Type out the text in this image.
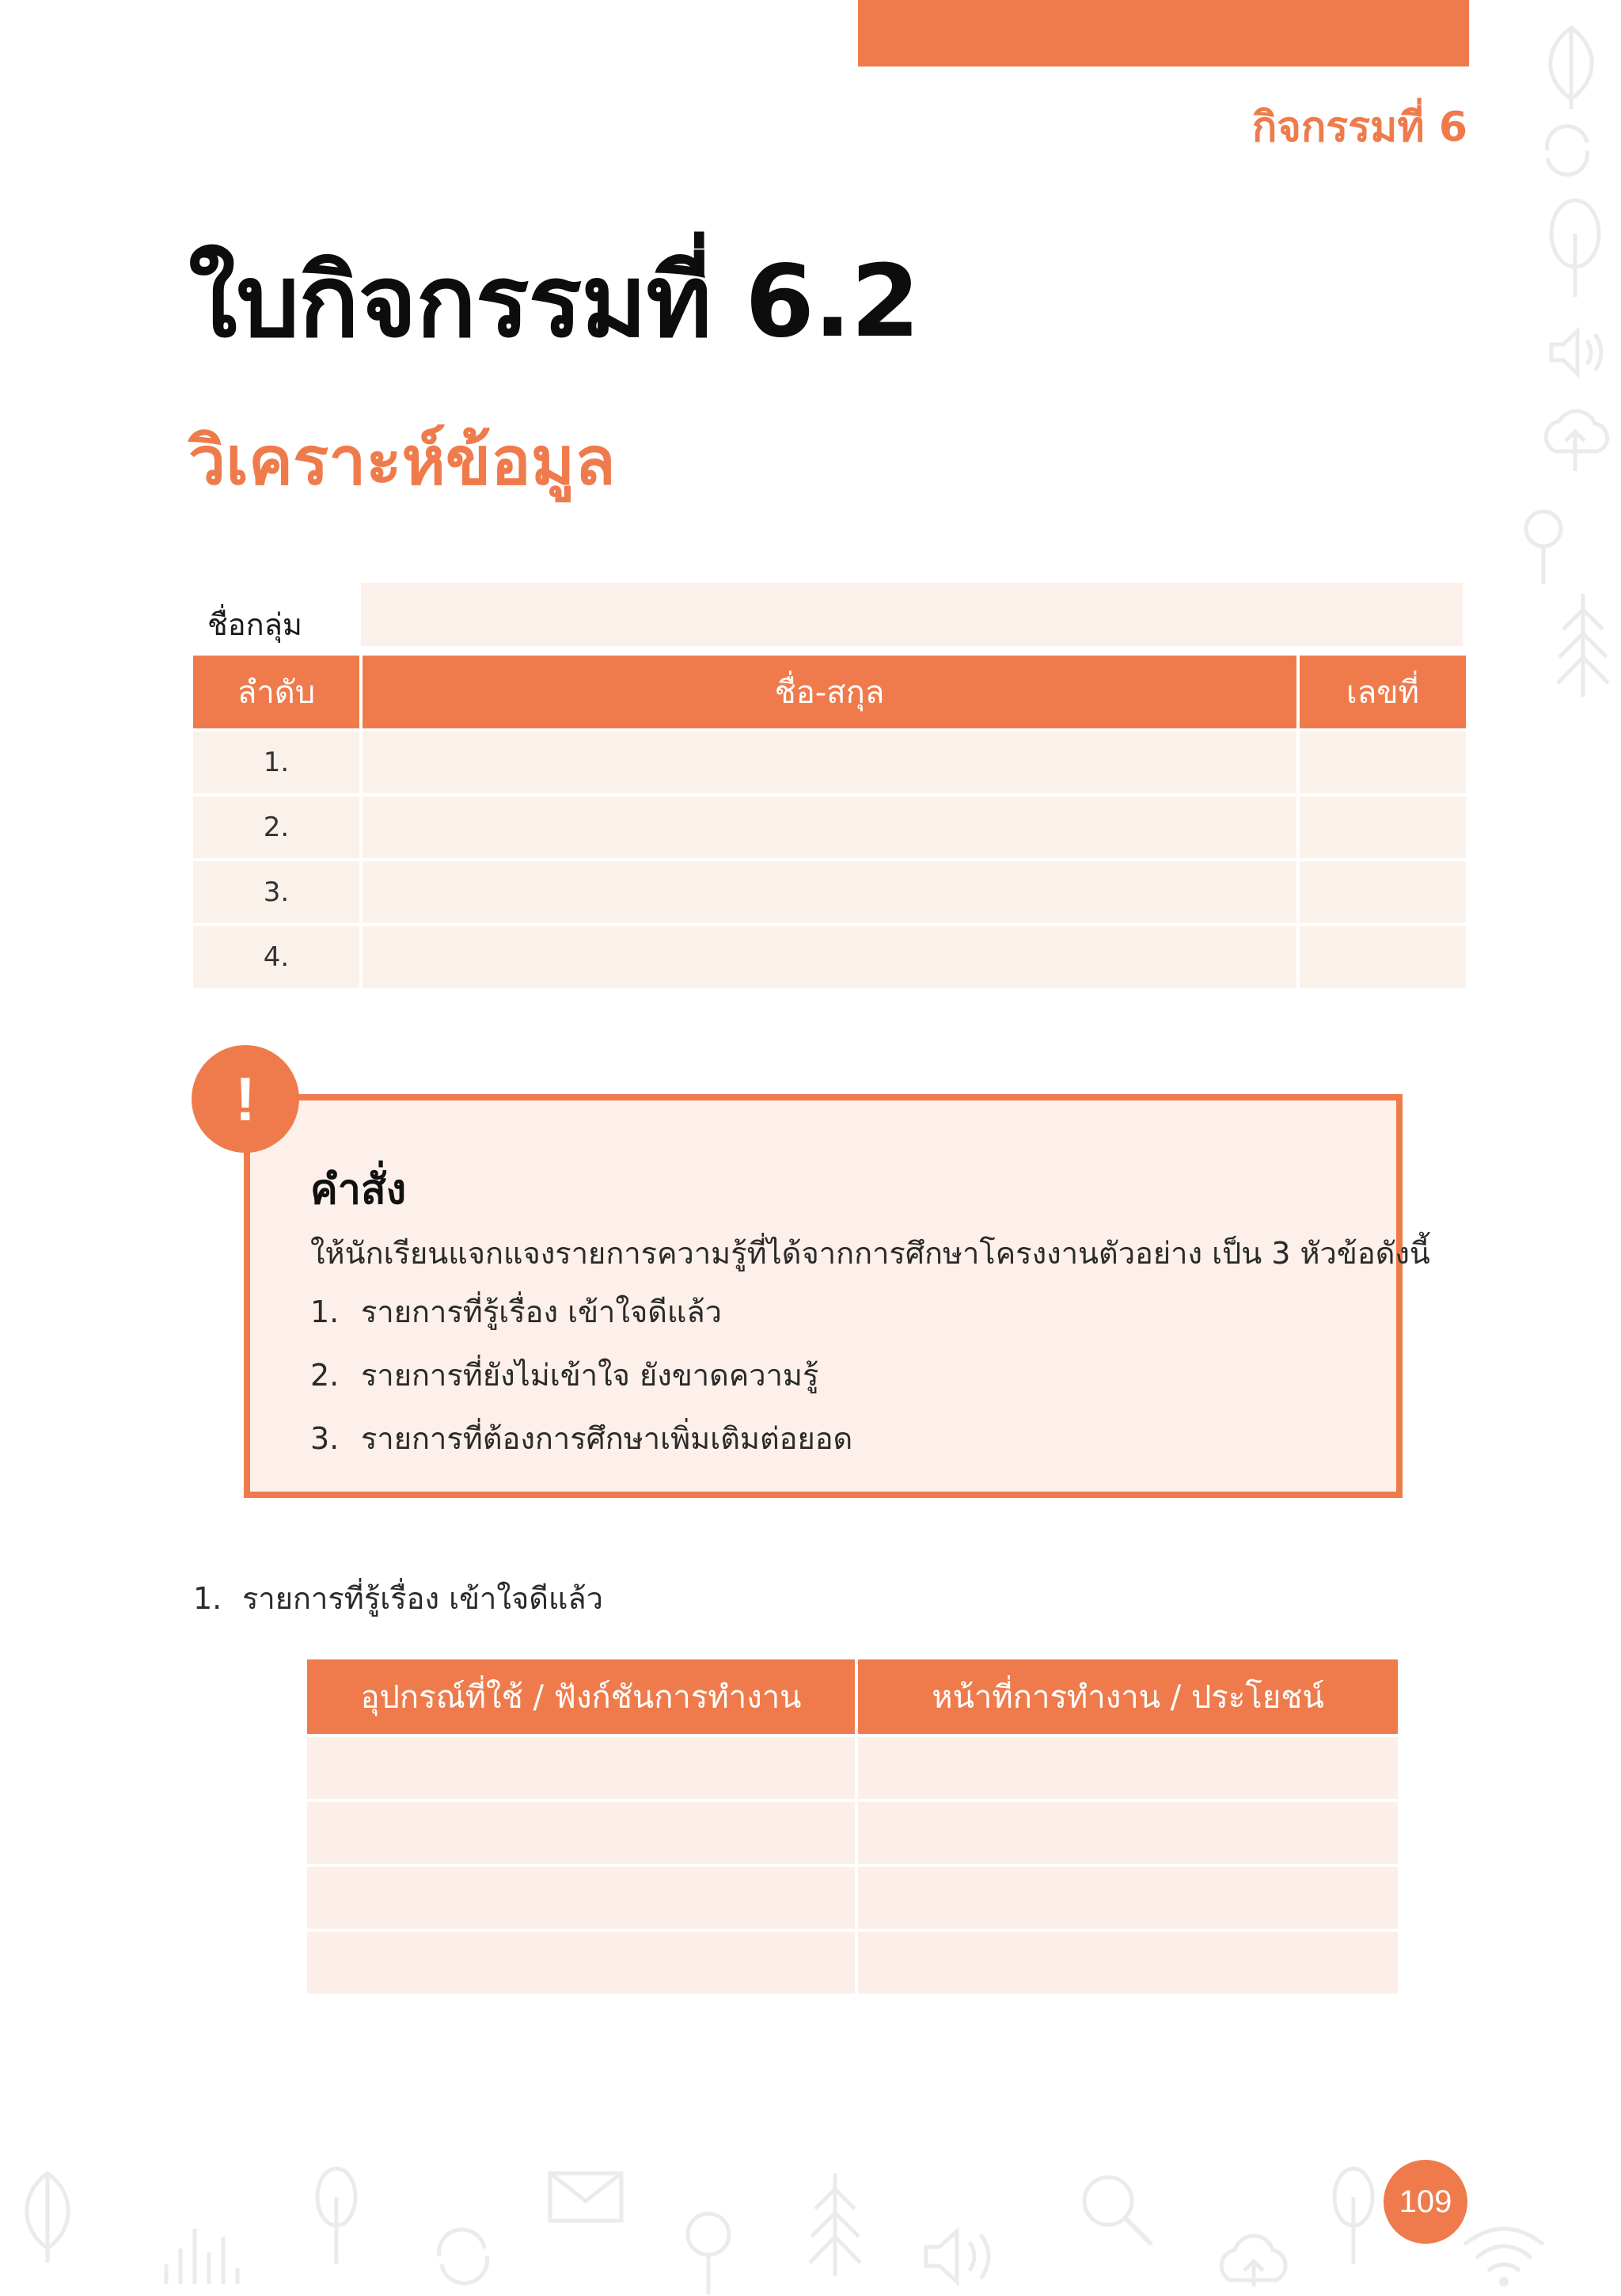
กิจกรรมที่ 6
ใบกิจกรรมที่ 6.2
วิเคราะห์ข้อมูล
ชื่อกลุ่ม
ลำดับ	ชื่อ-สกุล	เลขที่
1.		
2.		
3.		
4.		
!
คำสั่ง
ให้นักเรียนแจกแจงรายการความรู้ที่ได้จากการศึกษาโครงงานตัวอย่าง เป็น 3 หัวข้อดังนี้
1. รายการที่รู้เรื่อง เข้าใจดีแล้ว
2. รายการที่ยังไม่เข้าใจ ยังขาดความรู้
3. รายการที่ต้องการศึกษาเพิ่มเติมต่อยอด
1. รายการที่รู้เรื่อง เข้าใจดีแล้ว
อุปกรณ์ที่ใช้ / ฟังก์ชันการทำงาน	หน้าที่การทำงาน / ประโยชน์

109
